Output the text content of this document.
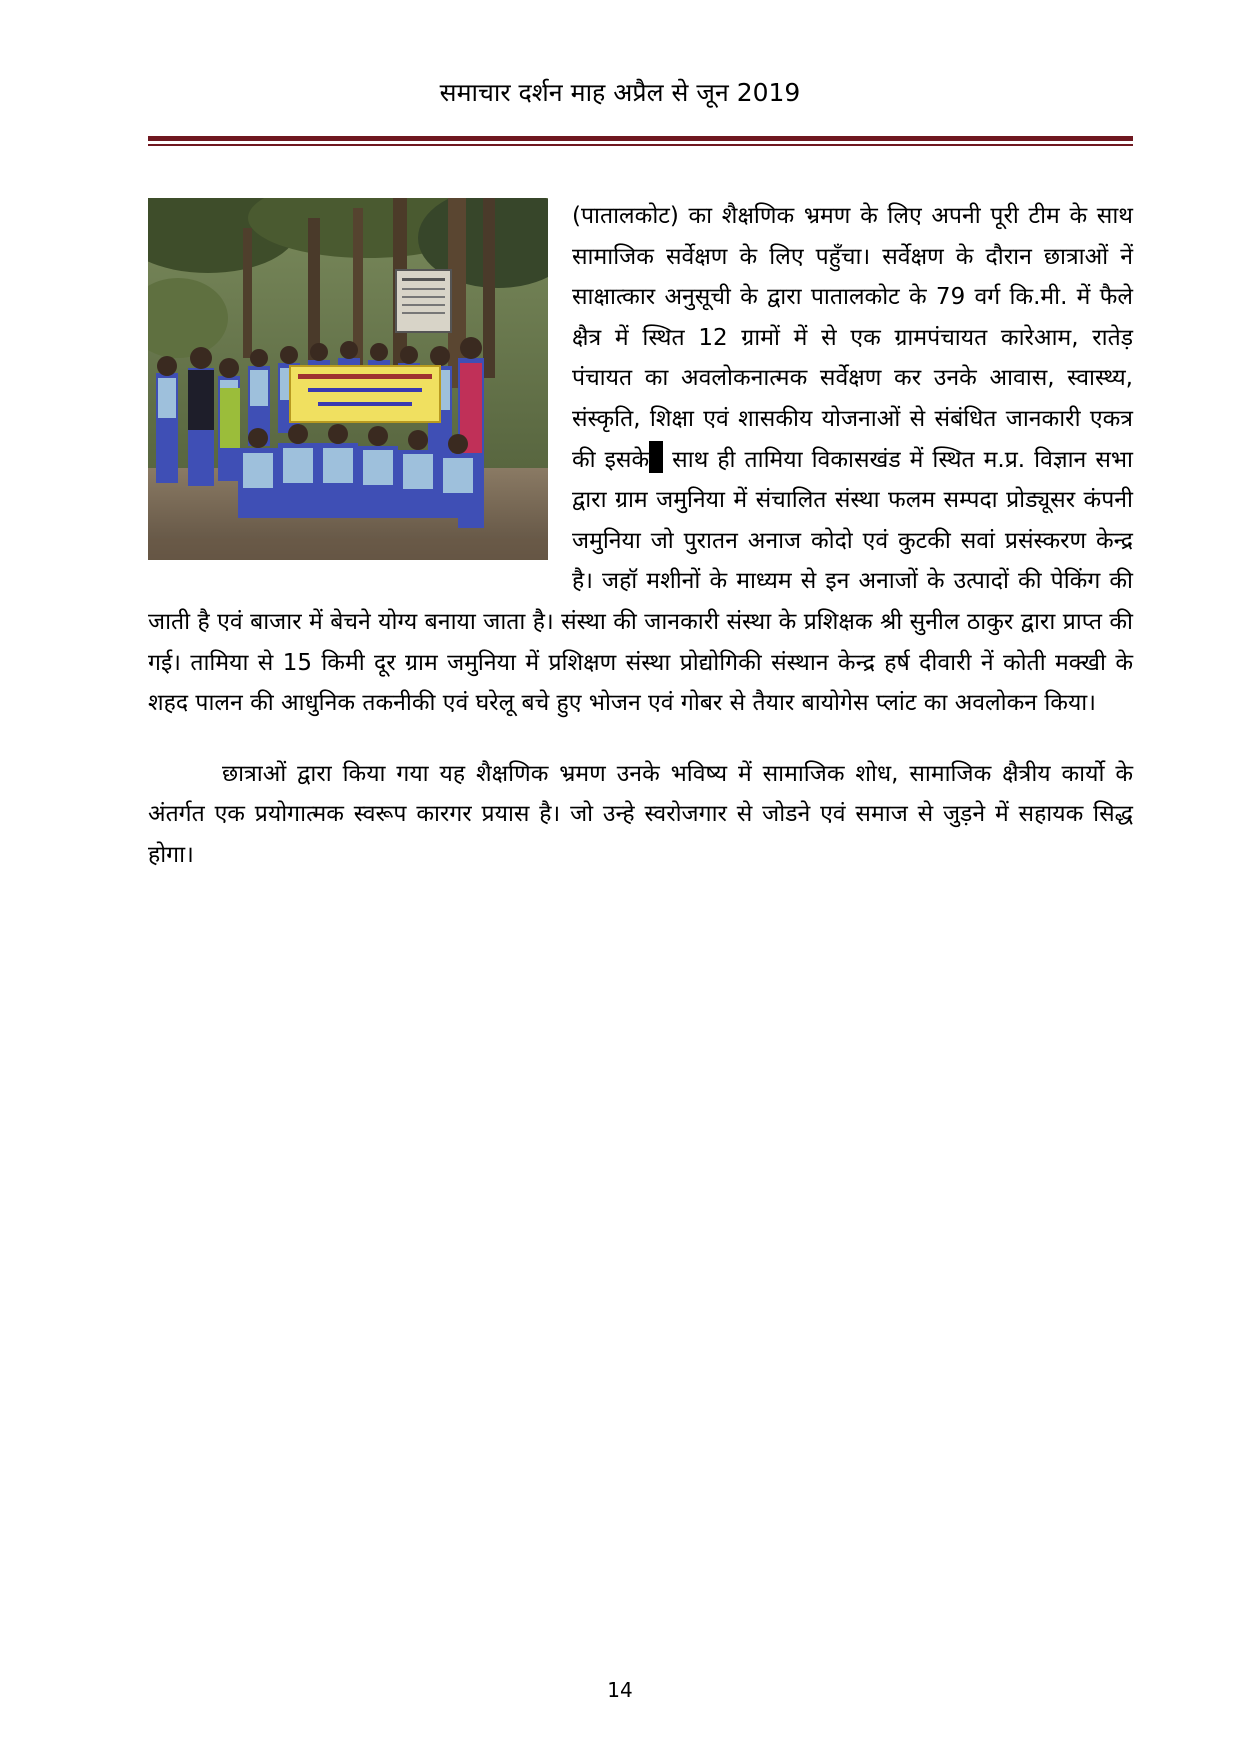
समाचार दर्शन माह अप्रैल से जून 2019

(पातालकोट) का शैक्षणिक भ्रमण के लिए अपनी पूरी टीम के साथ सामाजिक सर्वेक्षण के लिए पहुँचा। सर्वेक्षण के दौरान छात्राओं नें साक्षात्कार अनुसूची के द्वारा पातालकोट के 79 वर्ग कि.मी. में फैले क्षैत्र में स्थित 12 ग्रामों में से एक ग्रामपंचायत कारेआम, रातेड़ पंचायत का अवलोकनात्मक सर्वेक्षण कर उनके आवास, स्वास्थ्य, संस्कृति, शिक्षा एवं शासकीय योजनाओं से संबंधित जानकारी एकत्र की इसके साथ ही तामिया विकासखंड में स्थित म.प्र. विज्ञान सभा द्वारा ग्राम जमुनिया में संचालित संस्था फलम सम्पदा प्रोड्यूसर कंपनी जमुनिया जो पुरातन अनाज कोदो एवं कुटकी सवां प्रसंस्करण केन्द्र है। जहॉ मशीनों के माध्यम से इन अनाजों के उत्पादों की पेकिंग की जाती है एवं बाजार में बेचने योग्य बनाया जाता है। संस्था की जानकारी संस्था के प्रशिक्षक श्री सुनील ठाकुर द्वारा प्राप्त की गई। तामिया से 15 किमी दूर ग्राम जमुनिया में प्रशिक्षण संस्था प्रोद्योगिकी संस्थान केन्द्र हर्ष दीवारी नें कोती मक्खी के शहद पालन की आधुनिक तकनीकी एवं घरेलू बचे हुए भोजन एवं गोबर से तैयार बायोगेस प्लांट का अवलोकन किया।

छात्राओं द्वारा किया गया यह शैक्षणिक भ्रमण उनके भविष्य में सामाजिक शोध, सामाजिक क्षैत्रीय कार्यो के अंतर्गत एक प्रयोगात्मक स्वरूप कारगर प्रयास है। जो उन्हे स्वरोजगार से जोडने एवं समाज से जुड़ने में सहायक सिद्ध होगा।

14
